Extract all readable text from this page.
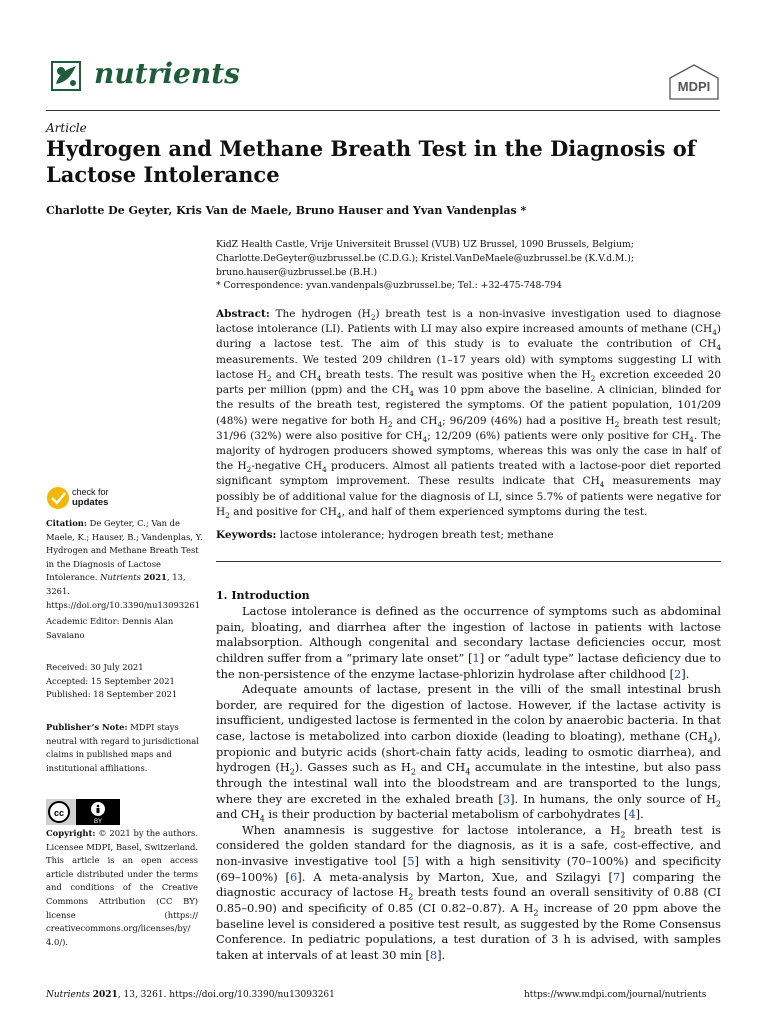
nutrients	MDPI
Article
Hydrogen and Methane Breath Test in the Diagnosis of Lactose Intolerance
Charlotte De Geyter, Kris Van de Maele, Bruno Hauser and Yvan Vandenplas *
KidZ Health Castle, Vrije Universiteit Brussel (VUB) UZ Brussel, 1090 Brussels, Belgium;
Charlotte.DeGeyter@uzbrussel.be (C.D.G.); Kristel.VanDeMaele@uzbrussel.be (K.V.d.M.);
bruno.hauser@uzbrussel.be (B.H.)
* Correspondence: yvan.vandenpals@uzbrussel.be; Tel.: +32-475-748-794
Abstract: The hydrogen $(H_2)$ breath test is a non-invasive investigation used to diagnose lactose intolerance (LI). Patients with LI may also expire increased amounts of methane $(CH_4)$ during a lactose test. The aim of this study is to evaluate the contribution of $CH_4$ measurements. We tested 209 children (1–17 years old) with symptoms suggesting LI with lactose $H_2$ and $CH_4$ breath tests. The result was positive when the $H_2$ excretion exceeded 20 parts per million (ppm) and the $CH_4$ was 10 ppm above the baseline. A clinician, blinded for the results of the breath test, registered the symptoms. Of the patient population, 101/209 (48%) were negative for both $H_2$ and $CH_4$; 96/209 (46%) had a positive $H_2$ breath test result; 31/96 (32%) were also positive for $CH_4$; 12/209 (6%) patients were only positive for $CH_4$. The majority of hydrogen producers showed symptoms, whereas this was only the case in half of the $H_2$-negative $CH_4$ producers. Almost all patients treated with a lactose-poor diet reported significant symptom improvement. These results indicate that $CH_4$ measurements may possibly be of additional value for the diagnosis of LI, since 5.7% of patients were negative for $H_2$ and positive for $CH_4$, and half of them experienced symptoms during the test.
Keywords: lactose intolerance; hydrogen breath test; methane
1. Introduction

Lactose intolerance is defined as the occurrence of symptoms such as abdominal pain, bloating, and diarrhea after the ingestion of lactose in patients with lactose malabsorption. Although congenital and secondary lactase deficiencies occur, most children suffer from a “primary late onset” [1] or “adult type” lactase deficiency due to the non-persistence of the enzyme lactase-phlorizin hydrolase after childhood [2].

Adequate amounts of lactase, present in the villi of the small intestinal brush border, are required for the digestion of lactose. However, if the lactase activity is insufficient, undigested lactose is fermented in the colon by anaerobic bacteria. In that case, lactose is metabolized into carbon dioxide (leading to bloating), methane $(CH_4)$, propionic and butyric acids (short-chain fatty acids, leading to osmotic diarrhea), and hydrogen $(H_2)$. Gasses such as $H_2$ and $CH_4$ accumulate in the intestine, but also pass through the intestinal wall into the bloodstream and are transported to the lungs, where they are excreted in the exhaled breath [3]. In humans, the only source of $H_2$ and $CH_4$ is their production by bacterial metabolism of carbohydrates [4].

When anamnesis is suggestive for lactose intolerance, a $H_2$ breath test is considered the golden standard for the diagnosis, as it is a safe, cost-effective, and non-invasive investigative tool [5] with a high sensitivity (70–100%) and specificity (69–100%) [6]. A meta-analysis by Marton, Xue, and Szilagyi [7] comparing the diagnostic accuracy of lactose $H_2$ breath tests found an overall sensitivity of 0.88 (CI 0.85–0.90) and specificity of 0.85 (CI 0.82–0.87). A $H_2$ increase of 20 ppm above the baseline level is considered a positive test result, as suggested by the Rome Consensus Conference. In pediatric populations, a test duration of 3 h is advised, with samples taken at intervals of at least 30 min [8].

check for
updates

Citation: De Geyter, C.; Van de Maele, K.; Hauser, B.; Vandenplas, Y. Hydrogen and Methane Breath Test in the Diagnosis of Lactose Intolerance. Nutrients 2021, 13, 3261. https://doi.org/10.3390/nu13093261

Academic Editor: Dennis Alan Savaiano

Received: 30 July 2021

Accepted: 15 September 2021

Published: 18 September 2021

Publisher’s Note: MDPI stays neutral with regard to jurisdictional claims in published maps and institutional affiliations.

cc
BY

Copyright: © 2021 by the authors. Licensee MDPI, Basel, Switzerland. This article is an open access article distributed under the terms and conditions of the Creative Commons Attribution (CC BY) license (https:// creativecommons.org/licenses/by/ 4.0/).

Nutrients 2021, 13, 3261. https://doi.org/10.3390/nu13093261	https://www.mdpi.com/journal/nutrients
